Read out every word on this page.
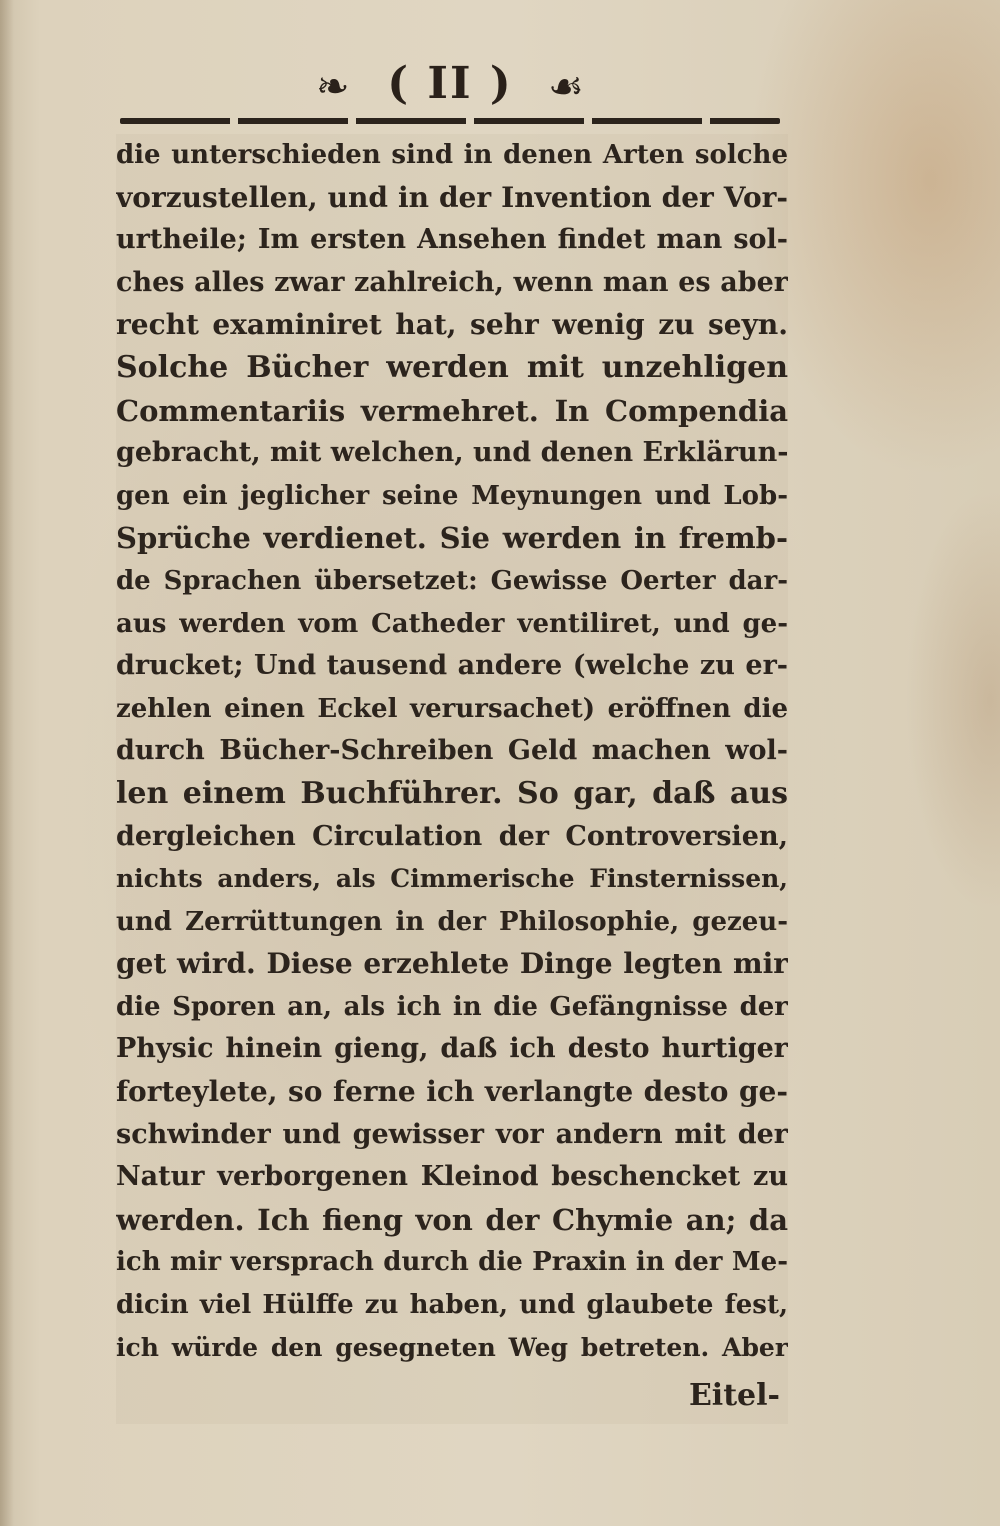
❧ ( II ) ☙
die unterschieden sind in denen Arten solche
vorzustellen, und in der Invention der Vor-
urtheile; Im ersten Ansehen findet man sol-
ches alles zwar zahlreich, wenn man es aber
recht examiniret hat, sehr wenig zu seyn.
Solche Bücher werden mit unzehligen
Commentariis vermehret. In Compendia
gebracht, mit welchen, und denen Erklärun-
gen ein jeglicher seine Meynungen und Lob-
Sprüche verdienet. Sie werden in fremb-
de Sprachen übersetzet: Gewisse Oerter dar-
aus werden vom Catheder ventiliret, und ge-
drucket; Und tausend andere (welche zu er-
zehlen einen Eckel verursachet) eröffnen die
durch Bücher-Schreiben Geld machen wol-
len einem Buchführer. So gar, daß aus
dergleichen Circulation der Controversien,
nichts anders, als Cimmerische Finsternissen,
und Zerrüttungen in der Philosophie, gezeu-
get wird. Diese erzehlete Dinge legten mir
die Sporen an, als ich in die Gefängnisse der
Physic hinein gieng, daß ich desto hurtiger
forteylete, so ferne ich verlangte desto ge-
schwinder und gewisser vor andern mit der
Natur verborgenen Kleinod beschencket zu
werden. Ich fieng von der Chymie an; da
ich mir versprach durch die Praxin in der Me-
dicin viel Hülffe zu haben, und glaubete fest,
ich würde den gesegneten Weg betreten. Aber
Eitel-
